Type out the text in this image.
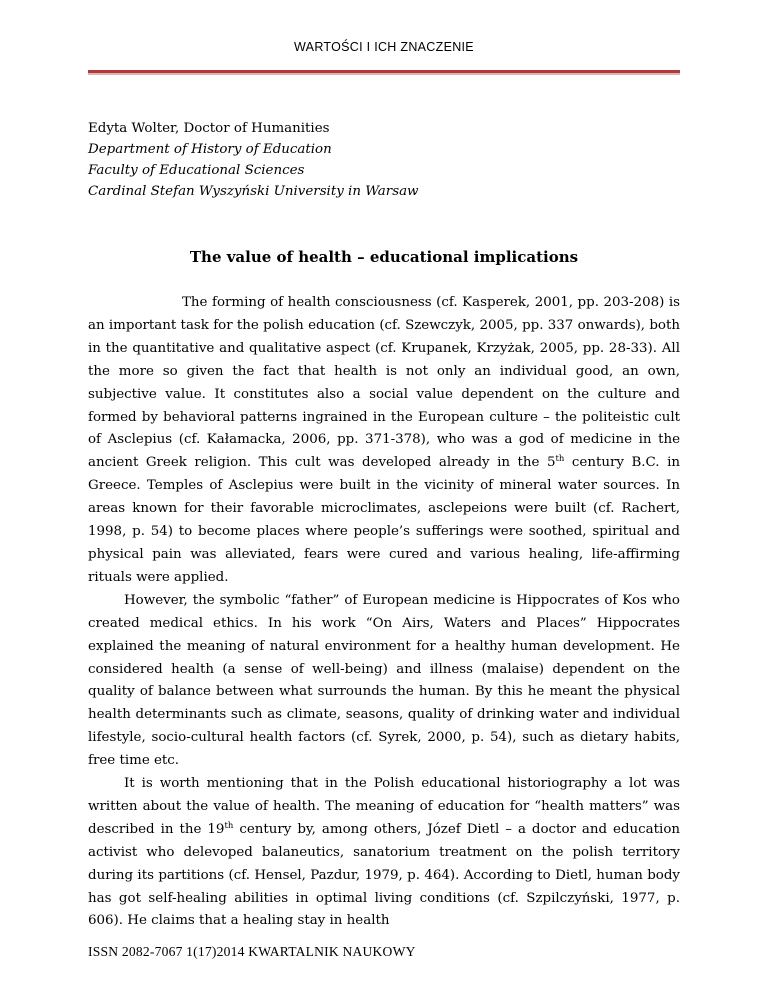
WARTOŚCI I ICH ZNACZENIE
Edyta Wolter, Doctor of Humanities
Department of History of Education
Faculty of Educational Sciences
Cardinal Stefan Wyszyński University in Warsaw
The value of health – educational implications

The forming of health consciousness (cf. Kasperek, 2001, pp. 203-208) is an important task for the polish education (cf. Szewczyk, 2005, pp. 337 onwards), both in the quantitative and qualitative aspect (cf. Krupanek, Krzyżak, 2005, pp. 28-33). All the more so given the fact that health is not only an individual good, an own, subjective value. It constitutes also a social value dependent on the culture and formed by behavioral patterns ingrained in the European culture – the politeistic cult of Asclepius (cf. Kałamacka, 2006, pp. 371-378), who was a god of medicine in the ancient Greek religion. This cult was developed already in the 5th century B.C. in Greece. Temples of Asclepius were built in the vicinity of mineral water sources. In areas known for their favorable microclimates, asclepeions were built (cf. Rachert, 1998, p. 54) to become places where people’s sufferings were soothed, spiritual and physical pain was alleviated, fears were cured and various healing, life-affirming rituals were applied.

However, the symbolic “father” of European medicine is Hippocrates of Kos who created medical ethics. In his work “On Airs, Waters and Places” Hippocrates explained the meaning of natural environment for a healthy human development. He considered health (a sense of well-being) and illness (malaise) dependent on the quality of balance between what surrounds the human. By this he meant the physical health determinants such as climate, seasons, quality of drinking water and individual lifestyle, socio-cultural health factors (cf. Syrek, 2000, p. 54), such as dietary habits, free time etc.

It is worth mentioning that in the Polish educational historiography a lot was written about the value of health. The meaning of education for “health matters” was described in the 19th century by, among others, Józef Dietl – a doctor and education activist who delevoped balaneutics, sanatorium treatment on the polish territory during its partitions (cf. Hensel, Pazdur, 1979, p. 464). According to Dietl, human body has got self-healing abilities in optimal living conditions (cf. Szpilczyński, 1977, p. 606). He claims that a healing stay in health

ISSN 2082-7067 1(17)2014 KWARTALNIK NAUKOWY
